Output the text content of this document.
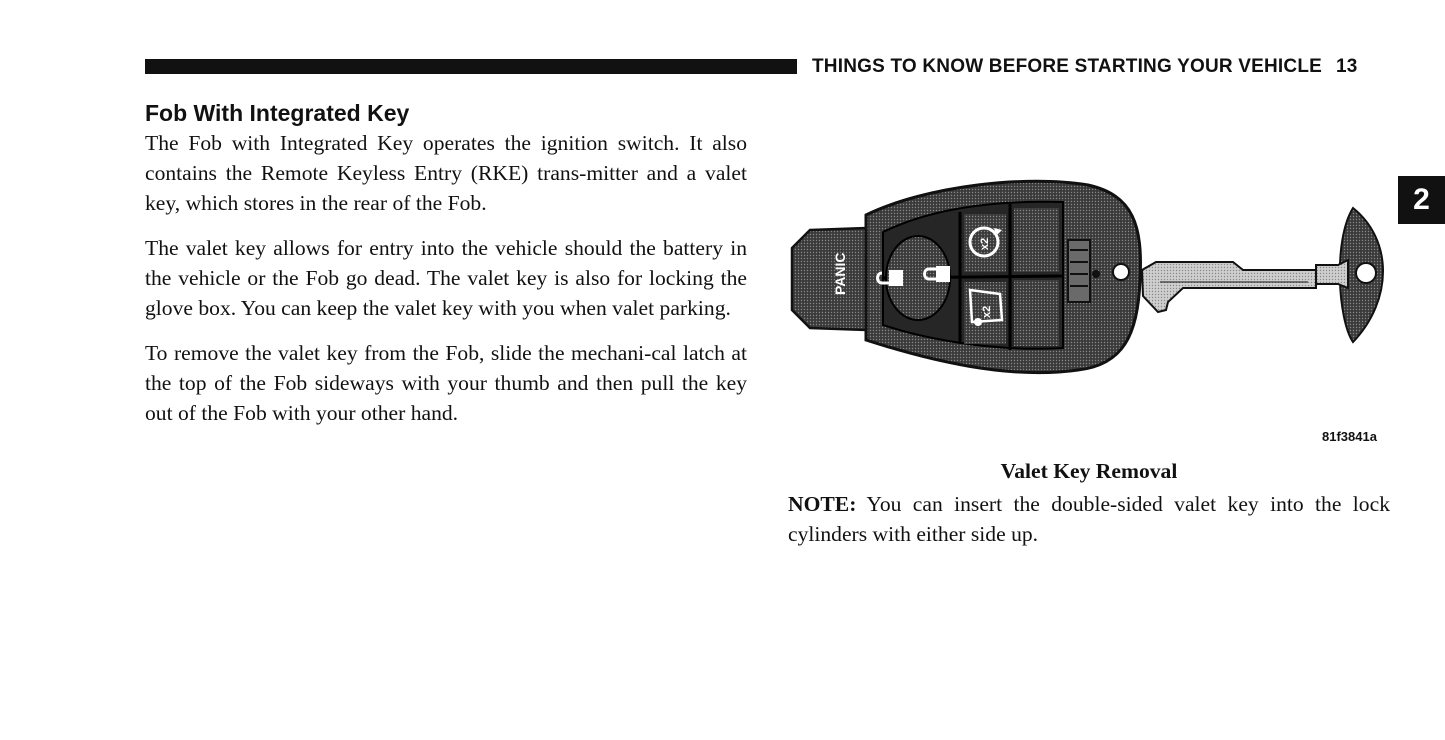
THINGS TO KNOW BEFORE STARTING YOUR VEHICLE 13
2
Fob With Integrated Key

The Fob with Integrated Key operates the ignition switch. It also contains the Remote Keyless Entry (RKE) trans-mitter and a valet key, which stores in the rear of the Fob.

The valet key allows for entry into the vehicle should the battery in the vehicle or the Fob go dead. The valet key is also for locking the glove box. You can keep the valet key with you when valet parking.

To remove the valet key from the Fob, slide the mechani-cal latch at the top of the Fob sideways with your thumb and then pull the key out of the Fob with your other hand.

PANIC
x2
x2
81f3841a
Valet Key Removal

NOTE: You can insert the double-sided valet key into the lock cylinders with either side up.
